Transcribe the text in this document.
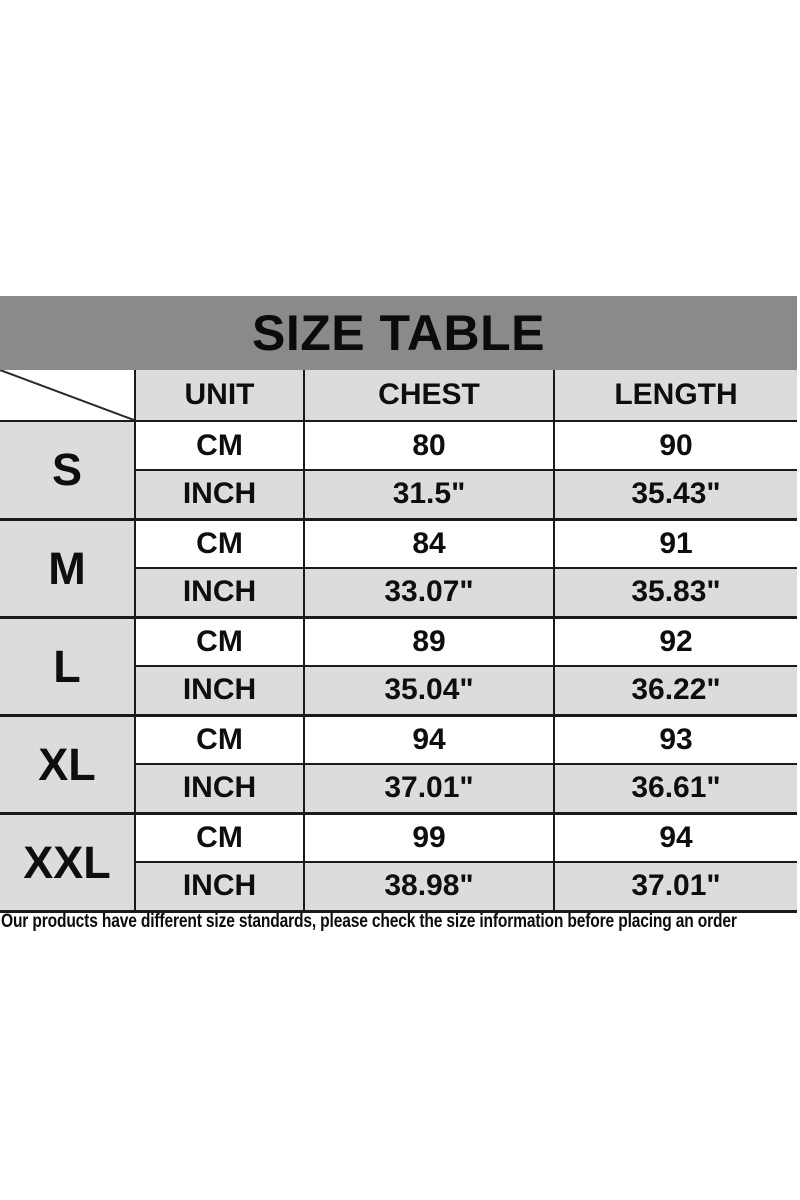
SIZE TABLE
	UNIT	CHEST	LENGTH
S	CM	80	90
	INCH	31.5"	35.43"
M	CM	84	91
	INCH	33.07"	35.83"
L	CM	89	92
	INCH	35.04"	36.22"
XL	CM	94	93
	INCH	37.01"	36.61"
XXL	CM	99	94
	INCH	38.98"	37.01"
Our products have different size standards, please check the size information before placing an order
